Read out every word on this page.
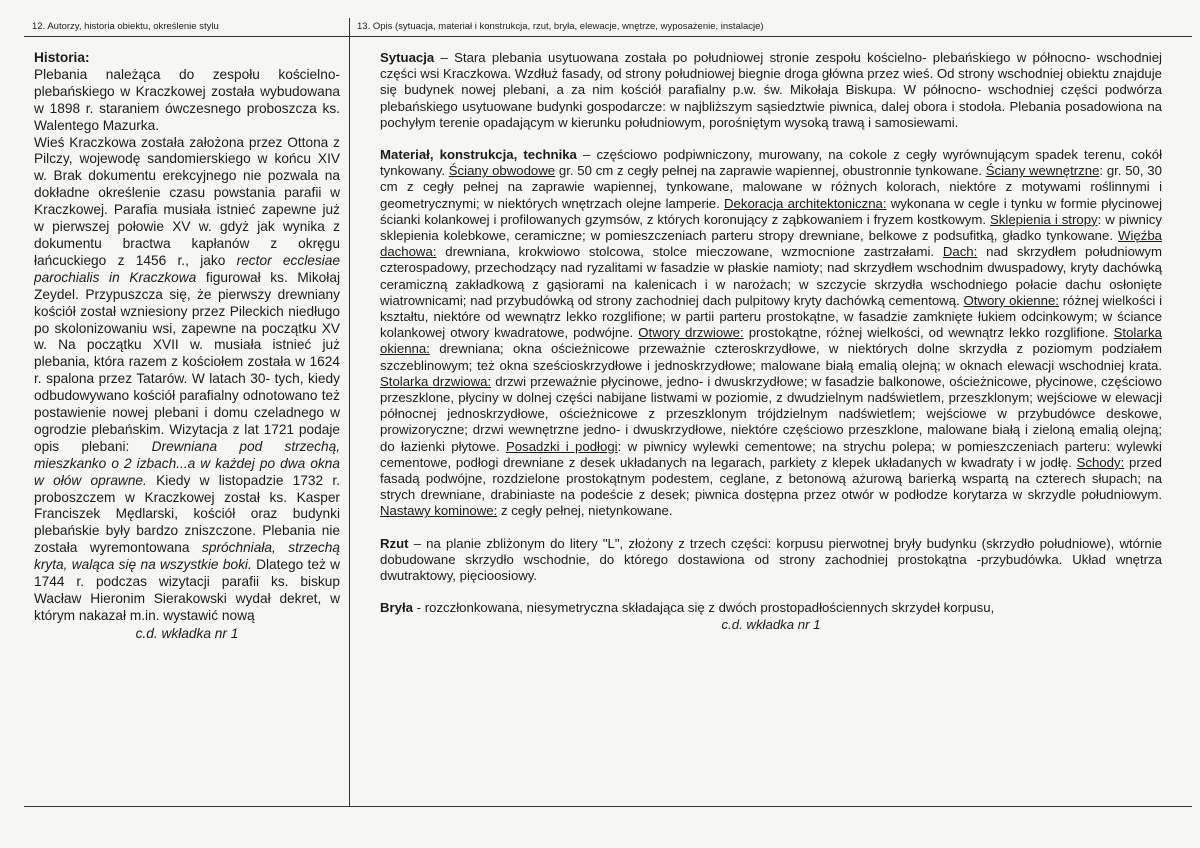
12. Autorzy, historia obiektu, określenie stylu	13. Opis (sytuacja, materiał i konstrukcja, rzut, bryła, elewacje, wnętrze, wyposażenie, instalacje)

Historia:

Plebania należąca do zespołu kościelno-plebańskiego w Kraczkowej została wybudowana w 1898 r. staraniem ówczesnego proboszcza ks. Walentego Mazurka.

Wieś Kraczkowa została założona przez Ottona z Pilczy, wojewodę sandomierskiego w końcu XIV w. Brak dokumentu erekcyjnego nie pozwala na dokładne określenie czasu powstania parafii w Kraczkowej. Parafia musiała istnieć zapewne już w pierwszej połowie XV w. gdyż jak wynika z dokumentu bractwa kapłanów z okręgu łańcuckiego z 1456 r., jako rector ecclesiae parochialis in Kraczkowa figurował ks. Mikołaj Zeydel. Przypuszcza się, że pierwszy drewniany kościół został wzniesiony przez Pileckich niedługo po skolonizowaniu wsi, zapewne na początku XV w. Na początku XVII w. musiała istnieć już plebania, która razem z kościołem została w 1624 r. spalona przez Tatarów. W latach 30- tych, kiedy odbudowywano kościół parafialny odnotowano też postawienie nowej plebani i domu czeladnego w ogrodzie plebańskim. Wizytacja z lat 1721 podaje opis plebani: Drewniana pod strzechą, mieszkanko o 2 izbach...a w każdej po dwa okna w ołów oprawne. Kiedy w listopadzie 1732 r. proboszczem w Kraczkowej został ks. Kasper Franciszek Mędlarski, kościół oraz budynki plebańskie były bardzo zniszczone. Plebania nie została wyremontowana spróchniała, strzechą kryta, waląca się na wszystkie boki. Dlatego też w 1744 r. podczas wizytacji parafii ks. biskup Wacław Hieronim Sierakowski wydał dekret, w którym nakazał m.in. wystawić nową

c.d. wkładka nr 1

Sytuacja – Stara plebania usytuowana została po południowej stronie zespołu kościelno- plebańskiego w północno- wschodniej części wsi Kraczkowa. Wzdłuż fasady, od strony południowej biegnie droga główna przez wieś. Od strony wschodniej obiektu znajduje się budynek nowej plebani, a za nim kościół parafialny p.w. św. Mikołaja Biskupa. W północno- wschodniej części podwórza plebańskiego usytuowane budynki gospodarcze: w najbliższym sąsiedztwie piwnica, dalej obora i stodoła. Plebania posadowiona na pochyłym terenie opadającym w kierunku południowym, porośniętym wysoką trawą i samosiewami.

Materiał, konstrukcja, technika – częściowo podpiwniczony, murowany, na cokole z cegły wyrównującym spadek terenu, cokół tynkowany. Ściany obwodowe gr. 50 cm z cegły pełnej na zaprawie wapiennej, obustronnie tynkowane. Ściany wewnętrzne: gr. 50, 30 cm z cegły pełnej na zaprawie wapiennej, tynkowane, malowane w różnych kolorach, niektóre z motywami roślinnymi i geometrycznymi; w niektórych wnętrzach olejne lamperie. Dekoracja architektoniczna: wykonana w cegle i tynku w formie płycinowej ścianki kolankowej i profilowanych gzymsów, z których koronujący z ząbkowaniem i fryzem kostkowym. Sklepienia i stropy: w piwnicy sklepienia kolebkowe, ceramiczne; w pomieszczeniach parteru stropy drewniane, belkowe z podsufitką, gładko tynkowane. Więźba dachowa: drewniana, krokwiowo stolcowa, stolce mieczowane, wzmocnione zastrzałami. Dach: nad skrzydłem południowym czterospadowy, przechodzący nad ryzalitami w fasadzie w płaskie namioty; nad skrzydłem wschodnim dwuspadowy, kryty dachówką ceramiczną zakładkową z gąsiorami na kalenicach i w narożach; w szczycie skrzydła wschodniego połacie dachu osłonięte wiatrownicami; nad przybudówką od strony zachodniej dach pulpitowy kryty dachówką cementową. Otwory okienne: różnej wielkości i kształtu, niektóre od wewnątrz lekko rozglifione; w partii parteru prostokątne, w fasadzie zamknięte łukiem odcinkowym; w ściance kolankowej otwory kwadratowe, podwójne. Otwory drzwiowe: prostokątne, różnej wielkości, od wewnątrz lekko rozglifione. Stolarka okienna: drewniana; okna ościeżnicowe przeważnie czteroskrzydłowe, w niektórych dolne skrzydła z poziomym podziałem szczeblinowym; też okna sześcioskrzydłowe i jednoskrzydłowe; malowane białą emalią olejną; w oknach elewacji wschodniej krata. Stolarka drzwiowa: drzwi przeważnie płycinowe, jedno- i dwuskrzydłowe; w fasadzie balkonowe, ościeżnicowe, płycinowe, częściowo przeszklone, płyciny w dolnej części nabijane listwami w poziomie, z dwudzielnym nadświetlem, przeszklonym; wejściowe w elewacji północnej jednoskrzydłowe, ościeżnicowe z przeszklonym trójdzielnym nadświetlem; wejściowe w przybudówce deskowe, prowizoryczne; drzwi wewnętrzne jedno- i dwuskrzydłowe, niektóre częściowo przeszklone, malowane białą i zieloną emalią olejną; do łazienki płytowe. Posadzki i podłogi: w piwnicy wylewki cementowe; na strychu polepa; w pomieszczeniach parteru: wylewki cementowe, podłogi drewniane z desek układanych na legarach, parkiety z klepek układanych w kwadraty i w jodłę. Schody: przed fasadą podwójne, rozdzielone prostokątnym podestem, ceglane, z betonową ażurową barierką wspartą na czterech słupach; na strych drewniane, drabiniaste na podeście z desek; piwnica dostępna przez otwór w podłodze korytarza w skrzydle południowym. Nastawy kominowe: z cegły pełnej, nietynkowane.

Rzut – na planie zbliżonym do litery "L", złożony z trzech części: korpusu pierwotnej bryły budynku (skrzydło południowe), wtórnie dobudowane skrzydło wschodnie, do którego dostawiona od strony zachodniej prostokątna -przybudówka. Układ wnętrza dwutraktowy, pięcioosiowy.

Bryła - rozczłonkowana, niesymetryczna składająca się z dwóch prostopadłościennych skrzydeł korpusu,

c.d. wkładka nr 1
